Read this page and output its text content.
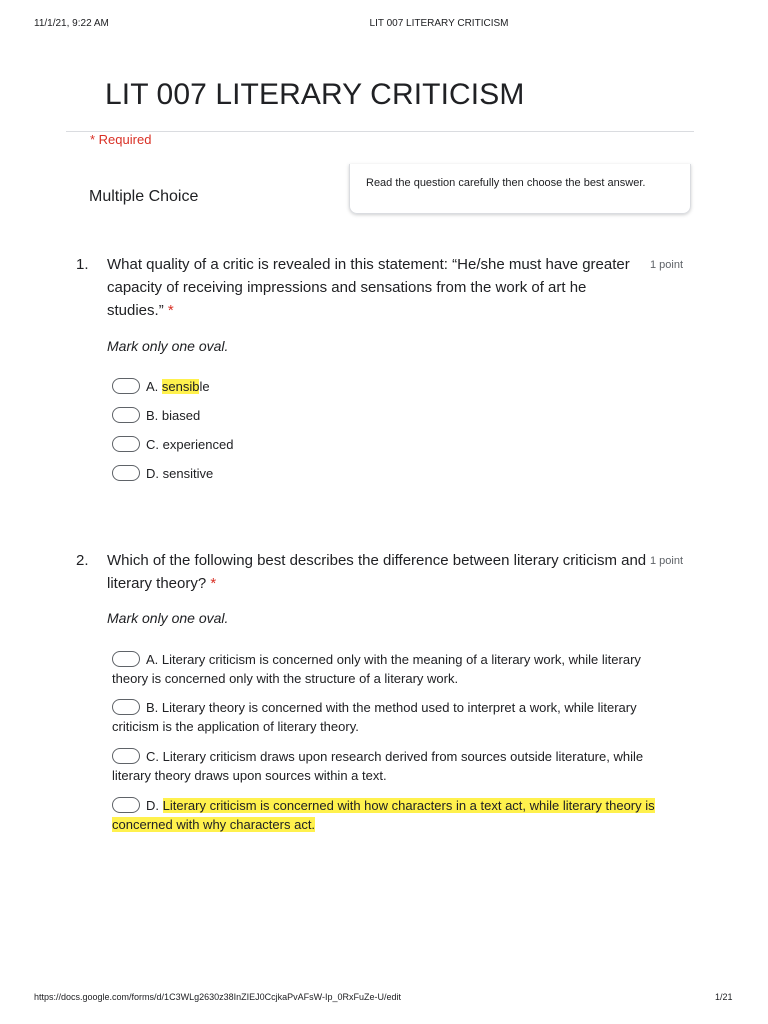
11/1/21, 9:22 AM	LIT 007 LITERARY CRITICISM
LIT 007 LITERARY CRITICISM
* Required
Multiple Choice
Read the question carefully then choose the best answer.
1. What quality of a critic is revealed in this statement: “He/she must have greater capacity of receiving impressions and sensations from the work of art he studies.” *
1 point
Mark only one oval.
A. sensible
B. biased
C. experienced
D. sensitive
2. Which of the following best describes the difference between literary criticism and literary theory? *
1 point
Mark only one oval.
A. Literary criticism is concerned only with the meaning of a literary work, while literary theory is concerned only with the structure of a literary work.
B. Literary theory is concerned with the method used to interpret a work, while literary criticism is the application of literary theory.
C. Literary criticism draws upon research derived from sources outside literature, while literary theory draws upon sources within a text.
D. Literary criticism is concerned with how characters in a text act, while literary theory is concerned with why characters act.
https://docs.google.com/forms/d/1C3WLg2630z38InZIEJ0CcjkaPvAFsW-Ip_0RxFuZe-U/edit	1/21
